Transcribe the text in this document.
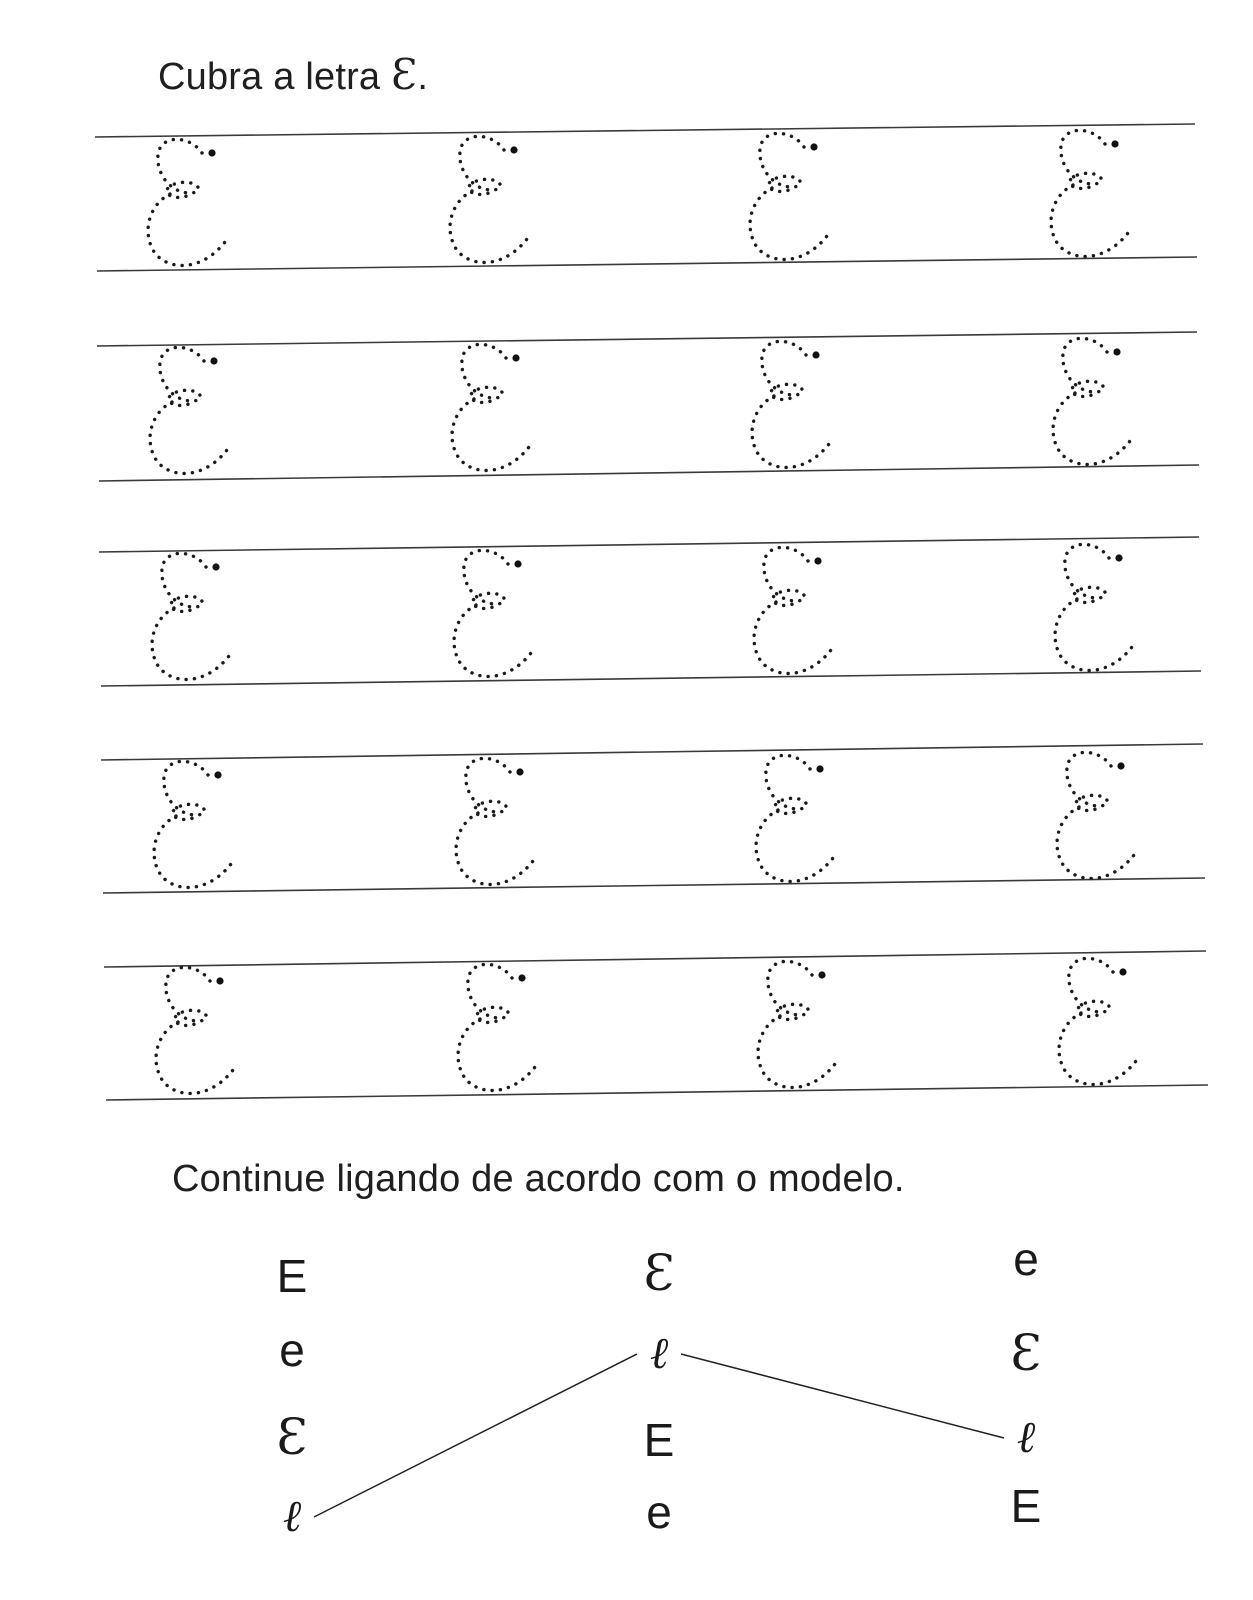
Cubra a letra Ɛ.
E
e
Ɛ
ℓ
Ɛ
ℓ
E
e
e
Ɛ
ℓ
E
Continue ligando de acordo com o modelo.
